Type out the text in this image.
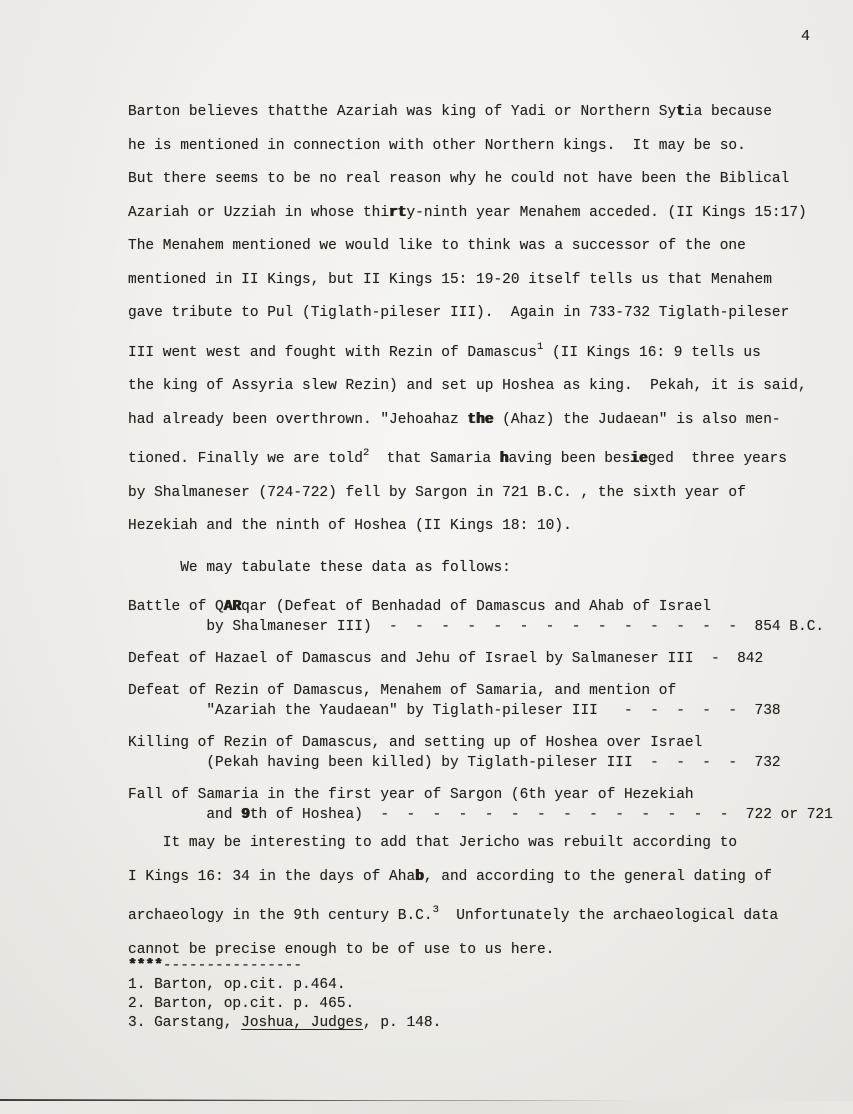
4
Barton believes thatthe Azariah was king of Yadi or Northern Sytia because
he is mentioned in connection with other Northern kings.  It may be so.
But there seems to be no real reason why he could not have been the Biblical
Azariah or Uzziah in whose thirty-ninth year Menahem acceded. (II Kings 15:17)
The Menahem mentioned we would like to think was a successor of the one
mentioned in II Kings, but II Kings 15: 19-20 itself tells us that Menahem
gave tribute to Pul (Tiglath-pileser III).  Again in 733-732 Tiglath-pileser
III went west and fought with Rezin of Damascus$^1$ (II Kings 16: 9 tells us
the king of Assyria slew Rezin) and set up Hoshea as king.  Pekah, it is said,
had already been overthrown. "Jehoahaz the (Ahaz) the Judaean" is also men-
tioned. Finally we are told$^2$  that Samaria having been besieged  three years
by Shalmaneser (724-722) fell by Sargon in 721 B.C. , the sixth year of
Hezekiah and the ninth of Hoshea (II Kings 18: 10).
We may tabulate these data as follows:
Battle of QARqar (Defeat of Benhadad of Damascus and Ahab of Israel
by Shalmaneser III)  -  -  -  -  -  -  -  -  -  -  -  -  -  -  854 B.C.
Defeat of Hazael of Damascus and Jehu of Israel by Salmaneser III  -  842
Defeat of Rezin of Damascus, Menahem of Samaria, and mention of
"Azariah the Yaudaean" by Tiglath-pileser III   -  -  -  -  -  738
Killing of Rezin of Damascus, and setting up of Hoshea over Israel
(Pekah having been killed) by Tiglath-pileser III  -  -  -  -  732
Fall of Samaria in the first year of Sargon (6th year of Hezekiah
and 9th of Hoshea)  -  -  -  -  -  -  -  -  -  -  -  -  -  -  722 or 721
It may be interesting to add that Jericho was rebuilt according to
I Kings 16: 34 in the days of Ahab, and according to the general dating of
archaeology in the 9th century B.C.$^3$  Unfortunately the archaeological data
cannot be precise enough to be of use to us here.
****----------------
1. Barton, op.cit. p.464.
2. Barton, op.cit. p. 465.
3. Garstang, Joshua, Judges, p. 148.
